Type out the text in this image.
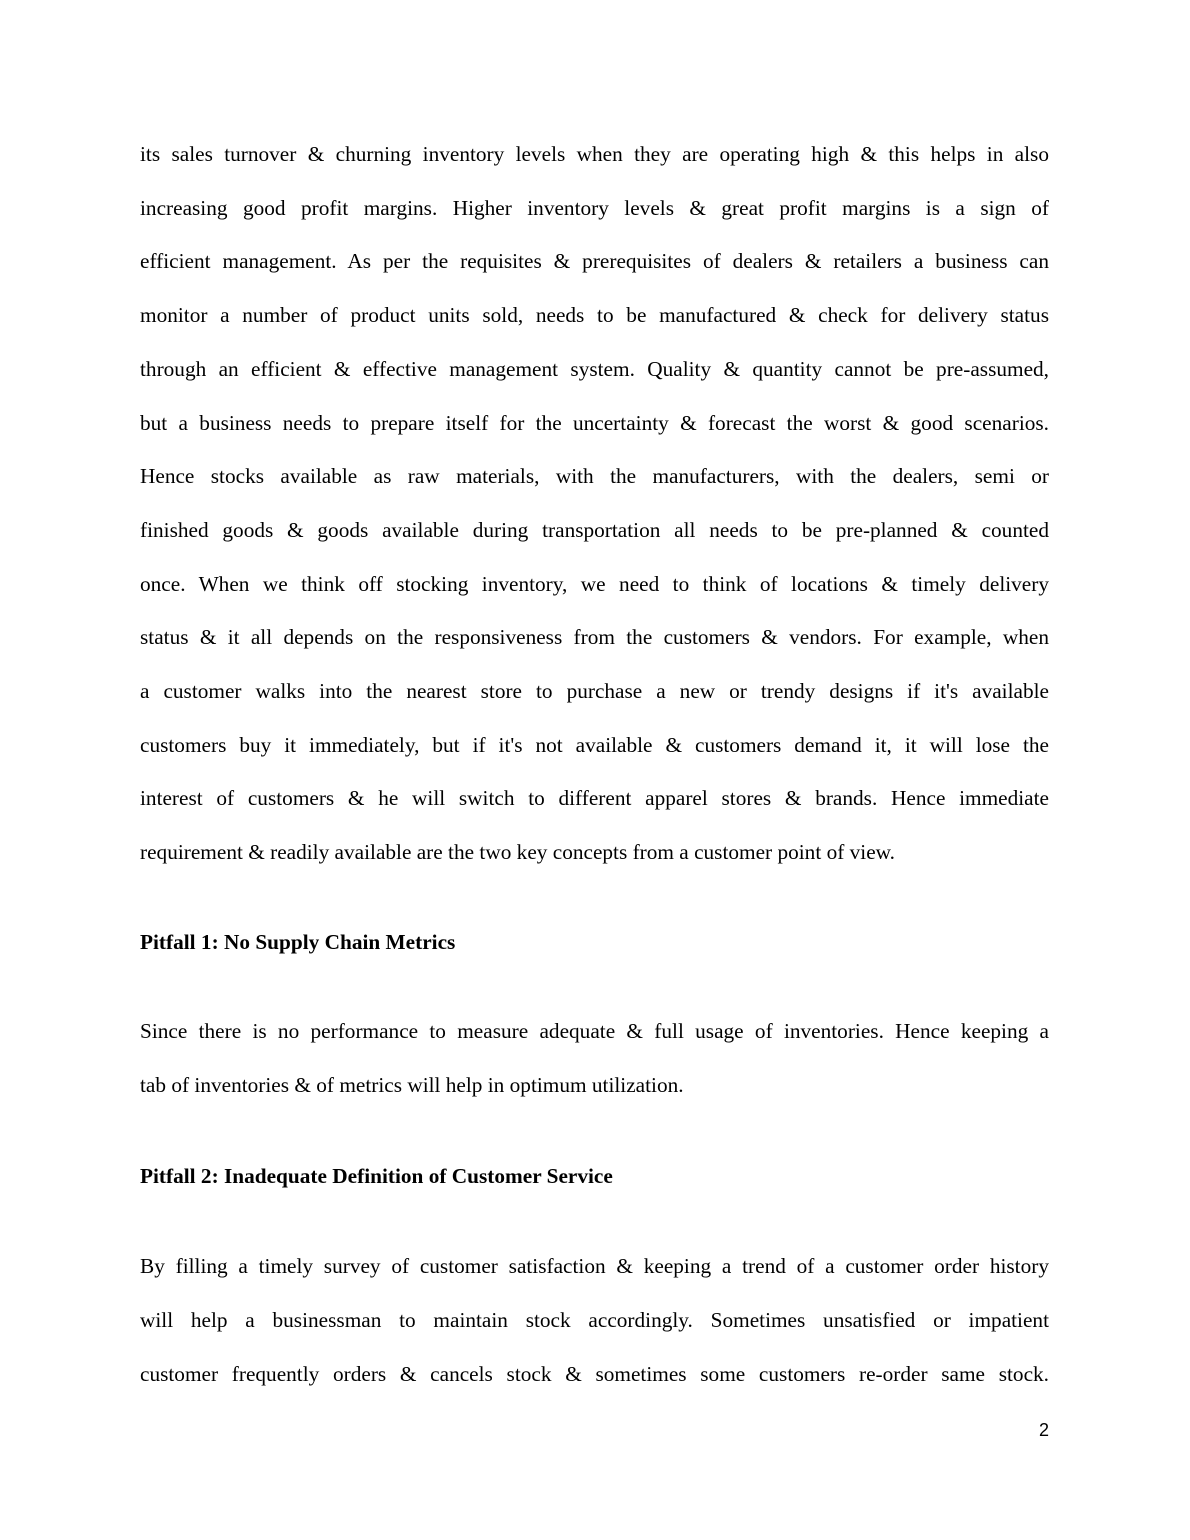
its sales turnover & churning inventory levels when they are operating high & this helps in also
increasing good profit margins. Higher inventory levels & great profit margins is a sign of
efficient management. As per the requisites & prerequisites of dealers & retailers a business can
monitor a number of product units sold, needs to be manufactured & check for delivery status
through an efficient & effective management system. Quality & quantity cannot be pre-assumed,
but a business needs to prepare itself for the uncertainty & forecast the worst & good scenarios.
Hence stocks available as raw materials, with the manufacturers, with the dealers, semi or
finished goods & goods available during transportation all needs to be pre-planned & counted
once. When we think off stocking inventory, we need to think of locations & timely delivery
status & it all depends on the responsiveness from the customers & vendors. For example, when
a customer walks into the nearest store to purchase a new or trendy designs if it's available
customers buy it immediately, but if it's not available & customers demand it, it will lose the
interest of customers & he will switch to different apparel stores & brands. Hence immediate
requirement & readily available are the two key concepts from a customer point of view.
Pitfall 1: No Supply Chain Metrics
Since there is no performance to measure adequate & full usage of inventories. Hence keeping a
tab of inventories & of metrics will help in optimum utilization.
Pitfall 2: Inadequate Definition of Customer Service
By filling a timely survey of customer satisfaction & keeping a trend of a customer order history
will help a businessman to maintain stock accordingly. Sometimes unsatisfied or impatient
customer frequently orders & cancels stock & sometimes some customers re-order same stock.
2
